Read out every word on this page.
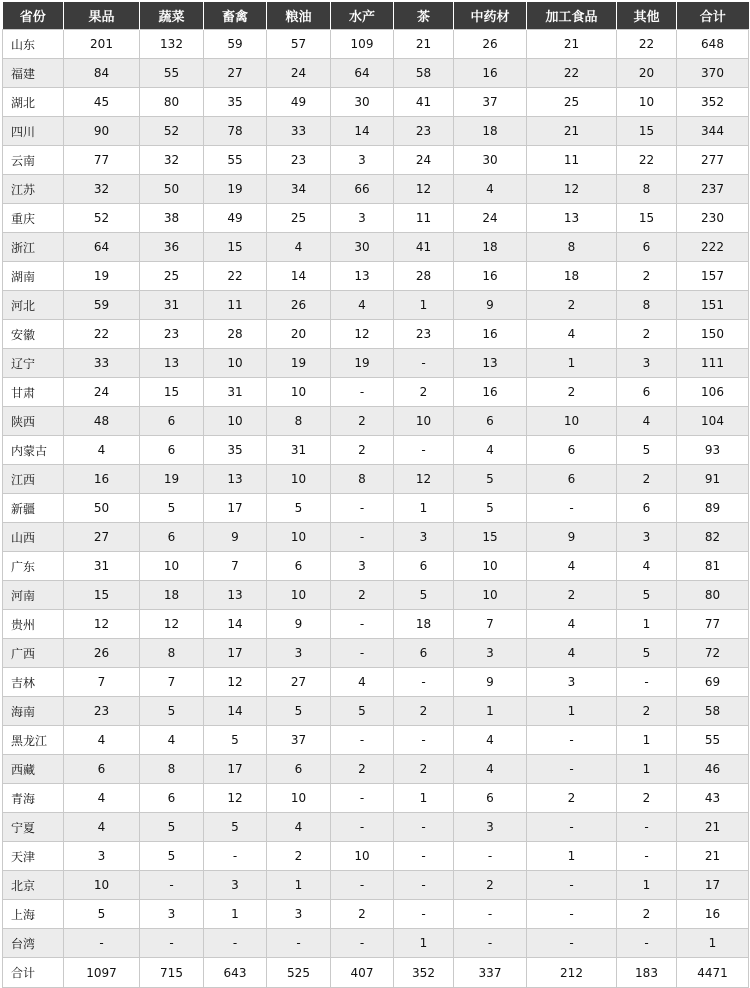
省份	果品	蔬菜	畜禽	粮油	水产	茶	中药材	加工食品	其他	合计
山东	201	132	59	57	109	21	26	21	22	648
福建	84	55	27	24	64	58	16	22	20	370
湖北	45	80	35	49	30	41	37	25	10	352
四川	90	52	78	33	14	23	18	21	15	344
云南	77	32	55	23	3	24	30	11	22	277
江苏	32	50	19	34	66	12	4	12	8	237
重庆	52	38	49	25	3	11	24	13	15	230
浙江	64	36	15	4	30	41	18	8	6	222
湖南	19	25	22	14	13	28	16	18	2	157
河北	59	31	11	26	4	1	9	2	8	151
安徽	22	23	28	20	12	23	16	4	2	150
辽宁	33	13	10	19	19	-	13	1	3	111
甘肃	24	15	31	10	-	2	16	2	6	106
陕西	48	6	10	8	2	10	6	10	4	104
内蒙古	4	6	35	31	2	-	4	6	5	93
江西	16	19	13	10	8	12	5	6	2	91
新疆	50	5	17	5	-	1	5	-	6	89
山西	27	6	9	10	-	3	15	9	3	82
广东	31	10	7	6	3	6	10	4	4	81
河南	15	18	13	10	2	5	10	2	5	80
贵州	12	12	14	9	-	18	7	4	1	77
广西	26	8	17	3	-	6	3	4	5	72
吉林	7	7	12	27	4	-	9	3	-	69
海南	23	5	14	5	5	2	1	1	2	58
黑龙江	4	4	5	37	-	-	4	-	1	55
西藏	6	8	17	6	2	2	4	-	1	46
青海	4	6	12	10	-	1	6	2	2	43
宁夏	4	5	5	4	-	-	3	-	-	21
天津	3	5	-	2	10	-	-	1	-	21
北京	10	-	3	1	-	-	2	-	1	17
上海	5	3	1	3	2	-	-	-	2	16
台湾	-	-	-	-	-	1	-	-	-	1
合计	1097	715	643	525	407	352	337	212	183	4471
